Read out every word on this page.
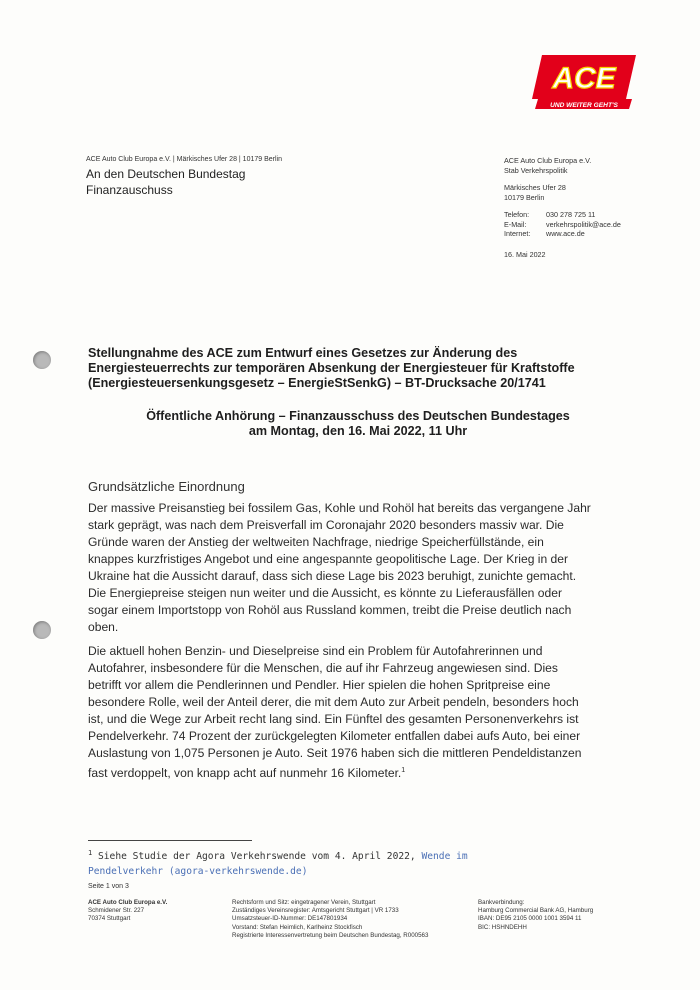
ACE
UND WEITER GEHT'S
ACE Auto Club Europa e.V. | Märkisches Ufer 28 | 10179 Berlin
An den Deutschen Bundestag
Finanzauschuss
ACE Auto Club Europa e.V.
Stab Verkehrspolitik
Märkisches Ufer 28
10179 Berlin
Telefon:	030 278 725 11
E-Mail:	verkehrspolitik@ace.de
Internet:	www.ace.de
16. Mai 2022
Stellungnahme des ACE zum Entwurf eines Gesetzes zur Änderung des Energiesteuerrechts zur temporären Absenkung der Energiesteuer für Kraftstoffe (Energiesteuersenkungsgesetz – EnergieStSenkG) – BT-Drucksache 20/1741
Öffentliche Anhörung – Finanzausschuss des Deutschen Bundestages
am Montag, den 16. Mai 2022, 11 Uhr
Grundsätzliche Einordnung
Der massive Preisanstieg bei fossilem Gas, Kohle und Rohöl hat bereits das vergangene Jahr
stark geprägt, was nach dem Preisverfall im Coronajahr 2020 besonders massiv war. Die
Gründe waren der Anstieg der weltweiten Nachfrage, niedrige Speicherfüllstände, ein
knappes kurzfristiges Angebot und eine angespannte geopolitische Lage. Der Krieg in der
Ukraine hat die Aussicht darauf, dass sich diese Lage bis 2023 beruhigt, zunichte gemacht.
Die Energiepreise steigen nun weiter und die Aussicht, es könnte zu Lieferausfällen oder
sogar einem Importstopp von Rohöl aus Russland kommen, treibt die Preise deutlich nach
oben.
Die aktuell hohen Benzin- und Dieselpreise sind ein Problem für Autofahrerinnen und
Autofahrer, insbesondere für die Menschen, die auf ihr Fahrzeug angewiesen sind. Dies
betrifft vor allem die Pendlerinnen und Pendler. Hier spielen die hohen Spritpreise eine
besondere Rolle, weil der Anteil derer, die mit dem Auto zur Arbeit pendeln, besonders hoch
ist, und die Wege zur Arbeit recht lang sind. Ein Fünftel des gesamten Personenverkehrs ist
Pendelverkehr. 74 Prozent der zurückgelegten Kilometer entfallen dabei aufs Auto, bei einer
Auslastung von 1,075 Personen je Auto. Seit 1976 haben sich die mittleren Pendeldistanzen
fast verdoppelt, von knapp acht auf nunmehr 16 Kilometer.$^1$
$^1$ Siehe Studie der Agora Verkehrswende vom 4. April 2022, Wende im
Pendelverkehr (agora-verkehrswende.de)
Seite 1 von 3
ACE Auto Club Europa e.V.
Schmidener Str. 227
70374 Stuttgart
Rechtsform und Sitz: eingetragener Verein, Stuttgart
Zuständiges Vereinsregister: Amtsgericht Stuttgart | VR 1733
Umsatzsteuer-ID-Nummer: DE147801934
Vorstand: Stefan Heimlich, Karlheinz Stockfisch
Registrierte Interessenvertretung beim Deutschen Bundestag, R000563
Bankverbindung:
Hamburg Commercial Bank AG, Hamburg
IBAN: DE95 2105 0000 1001 3594 11
BIC: HSHNDEHH
